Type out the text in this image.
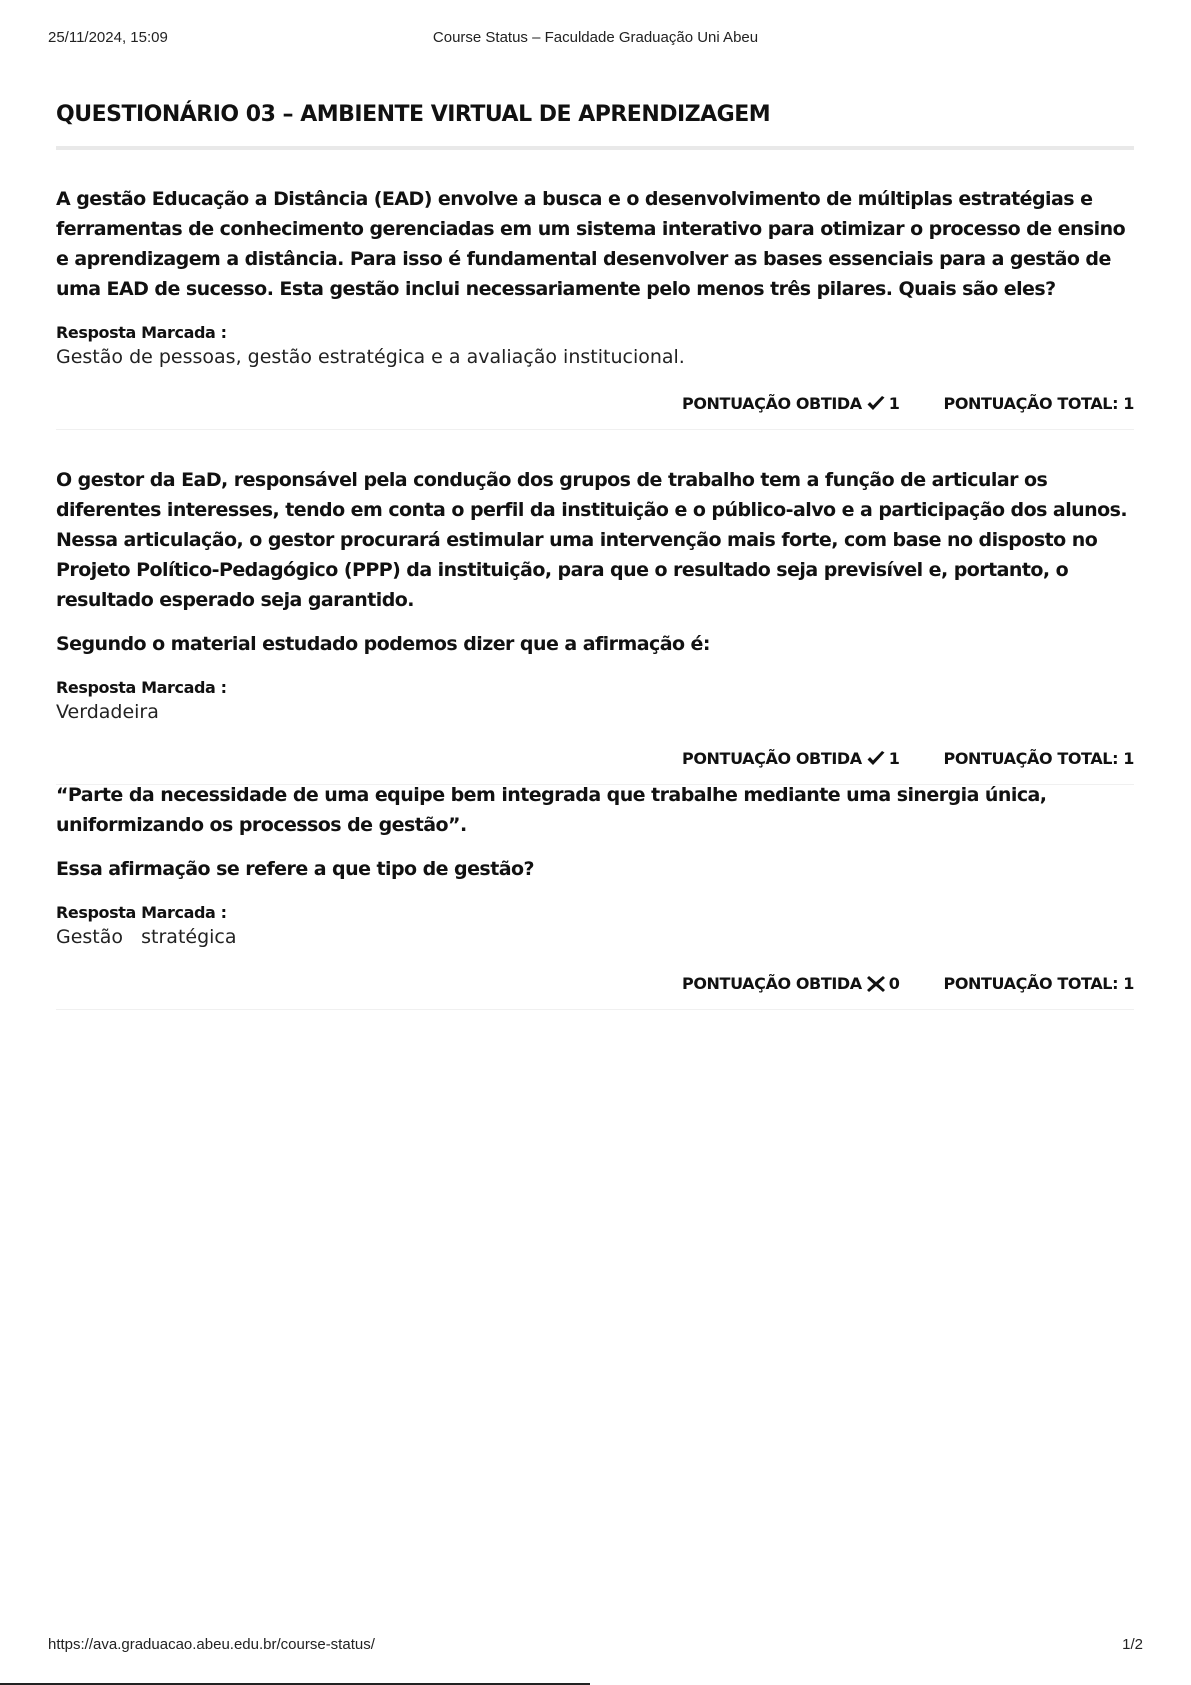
25/11/2024, 15:09	Course Status – Faculdade Graduação Uni Abeu
QUESTIONÁRIO 03 – AMBIENTE VIRTUAL DE APRENDIZAGEM

A gestão Educação a Distância (EAD) envolve a busca e o desenvolvimento de múltiplas estratégias e ferramentas de conhecimento gerenciadas em um sistema interativo para otimizar o processo de ensino e aprendizagem a distância. Para isso é fundamental desenvolver as bases essenciais para a gestão de uma EAD de sucesso. Esta gestão inclui necessariamente pelo menos três pilares. Quais são eles?

Resposta Marcada :
Gestão de pessoas, gestão estratégica e a avaliação institucional.
PONTUAÇÃO OBTIDA 1	PONTUAÇÃO TOTAL: 1

O gestor da EaD, responsável pela condução dos grupos de trabalho tem a função de articular os diferentes interesses, tendo em conta o perfil da instituição e o público-alvo e a participação dos alunos. Nessa articulação, o gestor procurará estimular uma intervenção mais forte, com base no disposto no Projeto Político-Pedagógico (PPP) da instituição, para que o resultado seja previsível e, portanto, o resultado esperado seja garantido.

Segundo o material estudado podemos dizer que a afirmação é:

Resposta Marcada :
Verdadeira
PONTUAÇÃO OBTIDA 1	PONTUAÇÃO TOTAL: 1

“Parte da necessidade de uma equipe bem integrada que trabalhe mediante uma sinergia única, uniformizando os processos de gestão”.

Essa afirmação se refere a que tipo de gestão?

Resposta Marcada :
Gestão   stratégica
PONTUAÇÃO OBTIDA 0	PONTUAÇÃO TOTAL: 1
https://ava.graduacao.abeu.edu.br/course-status/	1/2
